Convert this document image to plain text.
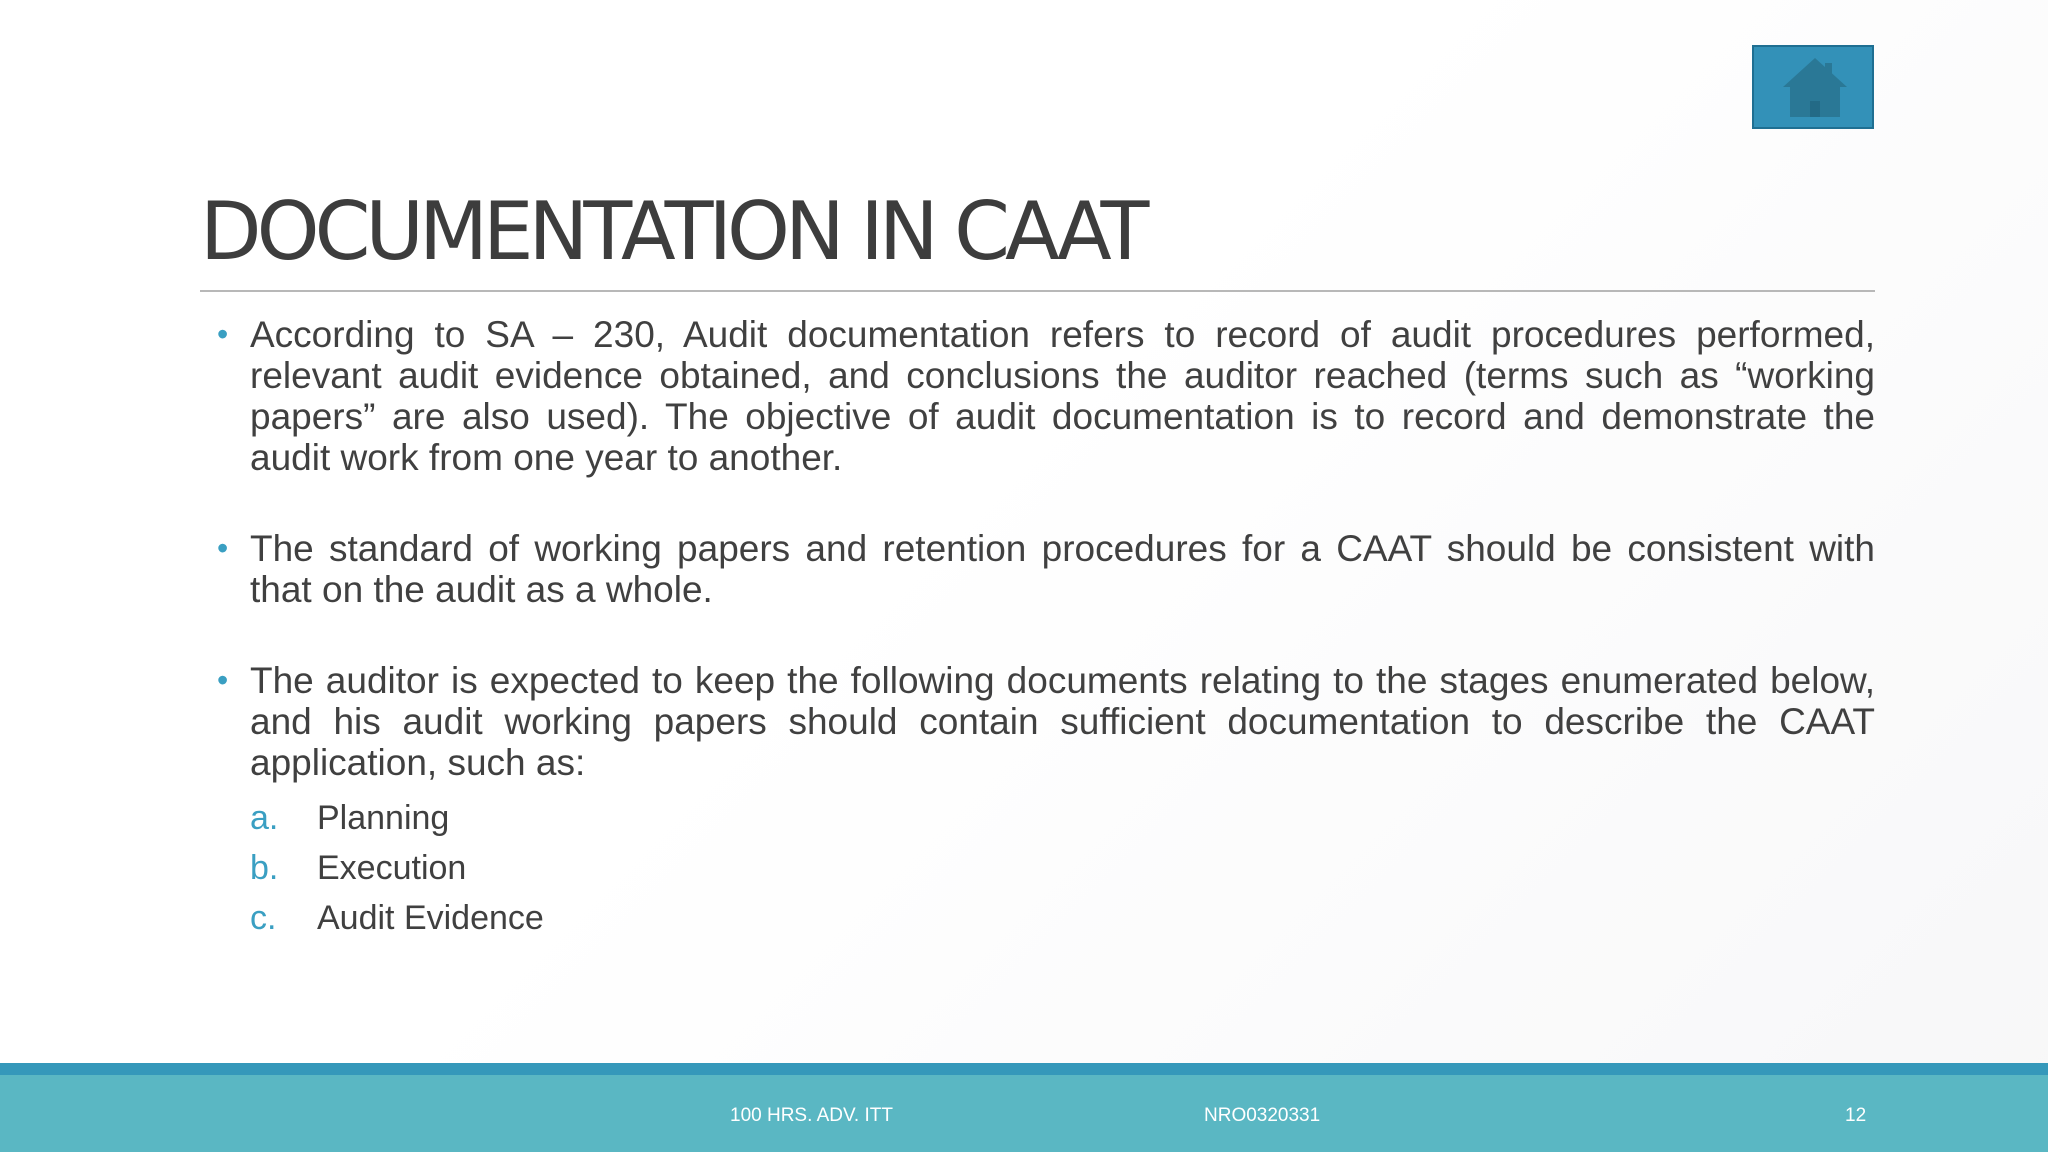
DOCUMENTATION IN CAAT
• According to SA – 230, Audit documentation refers to record of audit procedures performed, relevant audit evidence obtained, and conclusions the auditor reached (terms such as “working papers” are also used). The objective of audit documentation is to record and demonstrate the audit work from one year to another.
• The standard of working papers and retention procedures for a CAAT should be consistent with that on the audit as a whole.
• The auditor is expected to keep the following documents relating to the stages enumerated below, and his audit working papers should contain sufficient documentation to describe the CAAT application, such as:
a. Planning
b. Execution
c. Audit Evidence
100 HRS. ADV. ITT	NRO0320331	12
